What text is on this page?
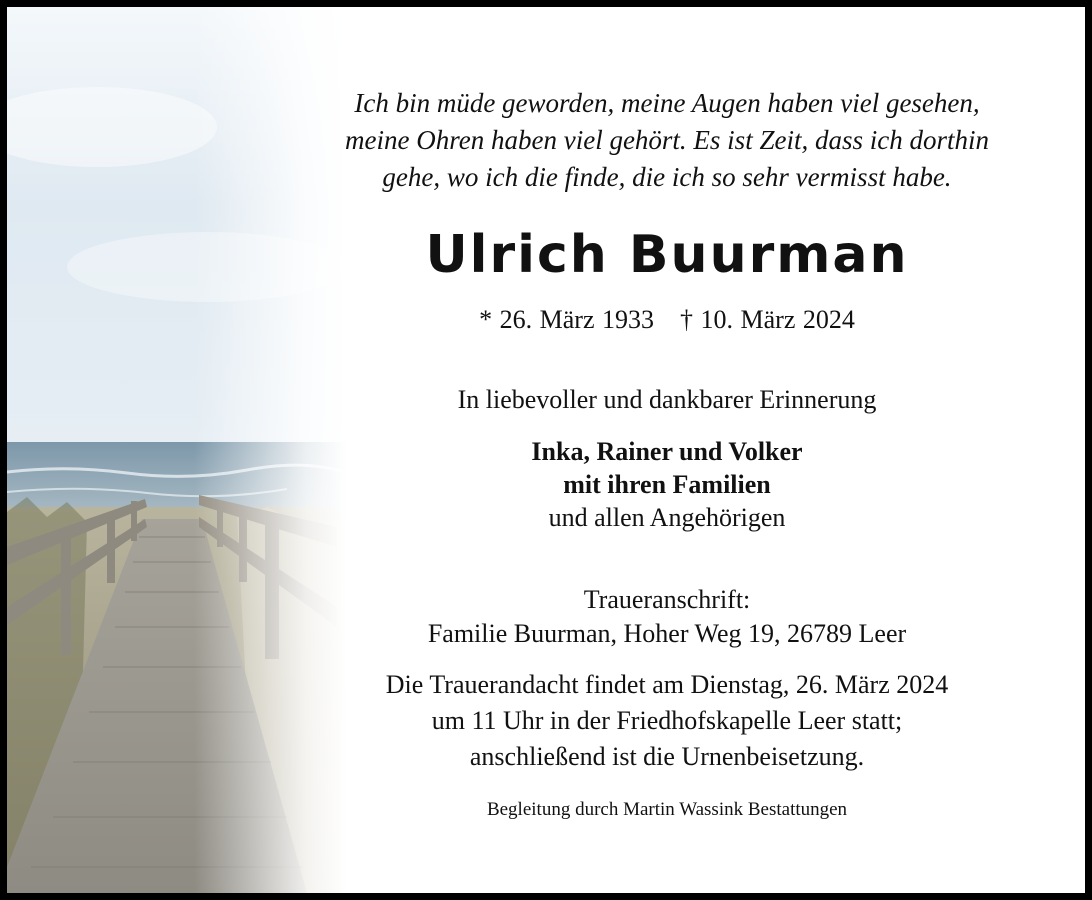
Ich bin müde geworden, meine Augen haben viel gesehen,
meine Ohren haben viel gehört. Es ist Zeit, dass ich dorthin
gehe, wo ich die finde, die ich so sehr vermisst habe.
Ulrich Buurman
* 26. März 1933 † 10. März 2024
In liebevoller und dankbarer Erinnerung
Inka, Rainer und Volker
mit ihren Familien
und allen Angehörigen
Traueranschrift:
Familie Buurman, Hoher Weg 19, 26789 Leer
Die Trauerandacht findet am Dienstag, 26. März 2024
um 11 Uhr in der Friedhofskapelle Leer statt;
anschließend ist die Urnenbeisetzung.
Begleitung durch Martin Wassink Bestattungen
